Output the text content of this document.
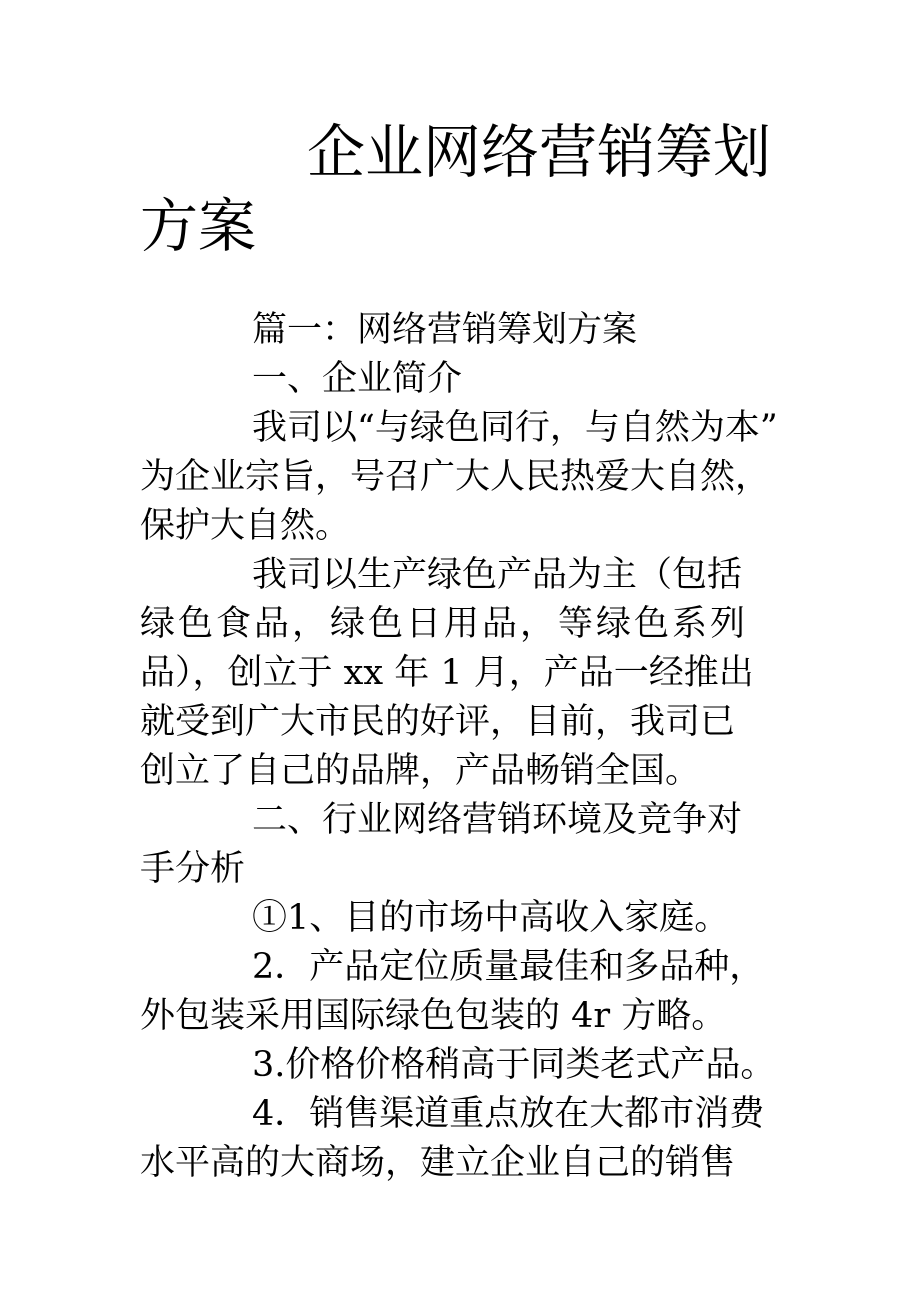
企业网络营销筹划
方案
篇一：网络营销筹划方案
一、企业简介
我司以“与绿色同行，与自然为本”
为企业宗旨，号召广大人民热爱大自然，
保护大自然。
我司以生产绿色产品为主（包括
绿色食品，绿色日用品，等绿色系列
品），创立于 xx 年 1 月，产品一经推出
就受到广大市民的好评，目前，我司已
创立了自己的品牌，产品畅销全国。
二、行业网络营销环境及竞争对
手分析
①1、目的市场中高收入家庭。
2．产品定位质量最佳和多品种，
外包装采用国际绿色包装的 4r 方略。
3.价格价格稍高于同类老式产品。
4．销售渠道重点放在大都市消费
水平高的大商场，建立企业自己的销售
